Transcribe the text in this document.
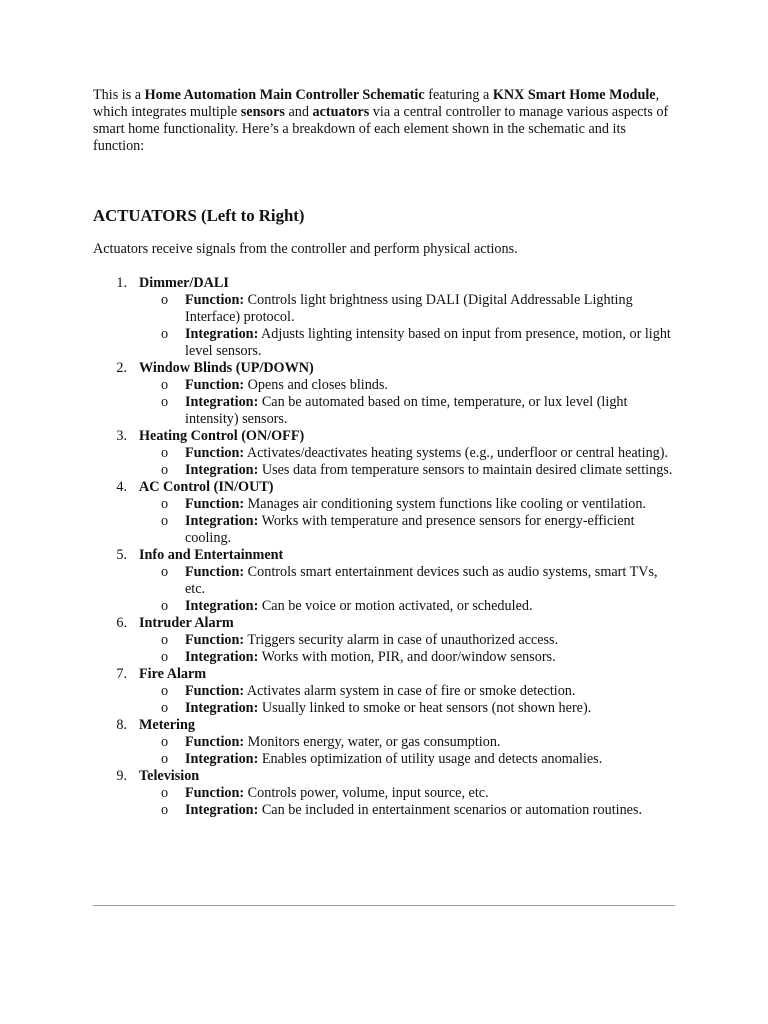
This is a Home Automation Main Controller Schematic featuring a KNX Smart Home Module, which integrates multiple sensors and actuators via a central controller to manage various aspects of smart home functionality. Here’s a breakdown of each element shown in the schematic and its function:

ACTUATORS (Left to Right)

Actuators receive signals from the controller and perform physical actions.

1. Dimmer/DALI
o Function: Controls light brightness using DALI (Digital Addressable Lighting Interface) protocol.
o Integration: Adjusts lighting intensity based on input from presence, motion, or light level sensors.
2. Window Blinds (UP/DOWN)
o Function: Opens and closes blinds.
o Integration: Can be automated based on time, temperature, or lux level (light intensity) sensors.
3. Heating Control (ON/OFF)
o Function: Activates/deactivates heating systems (e.g., underfloor or central heating).
o Integration: Uses data from temperature sensors to maintain desired climate settings.
4. AC Control (IN/OUT)
o Function: Manages air conditioning system functions like cooling or ventilation.
o Integration: Works with temperature and presence sensors for energy-efficient cooling.
5. Info and Entertainment
o Function: Controls smart entertainment devices such as audio systems, smart TVs, etc.
o Integration: Can be voice or motion activated, or scheduled.
6. Intruder Alarm
o Function: Triggers security alarm in case of unauthorized access.
o Integration: Works with motion, PIR, and door/window sensors.
7. Fire Alarm
o Function: Activates alarm system in case of fire or smoke detection.
o Integration: Usually linked to smoke or heat sensors (not shown here).
8. Metering
o Function: Monitors energy, water, or gas consumption.
o Integration: Enables optimization of utility usage and detects anomalies.
9. Television
o Function: Controls power, volume, input source, etc.
o Integration: Can be included in entertainment scenarios or automation routines.
